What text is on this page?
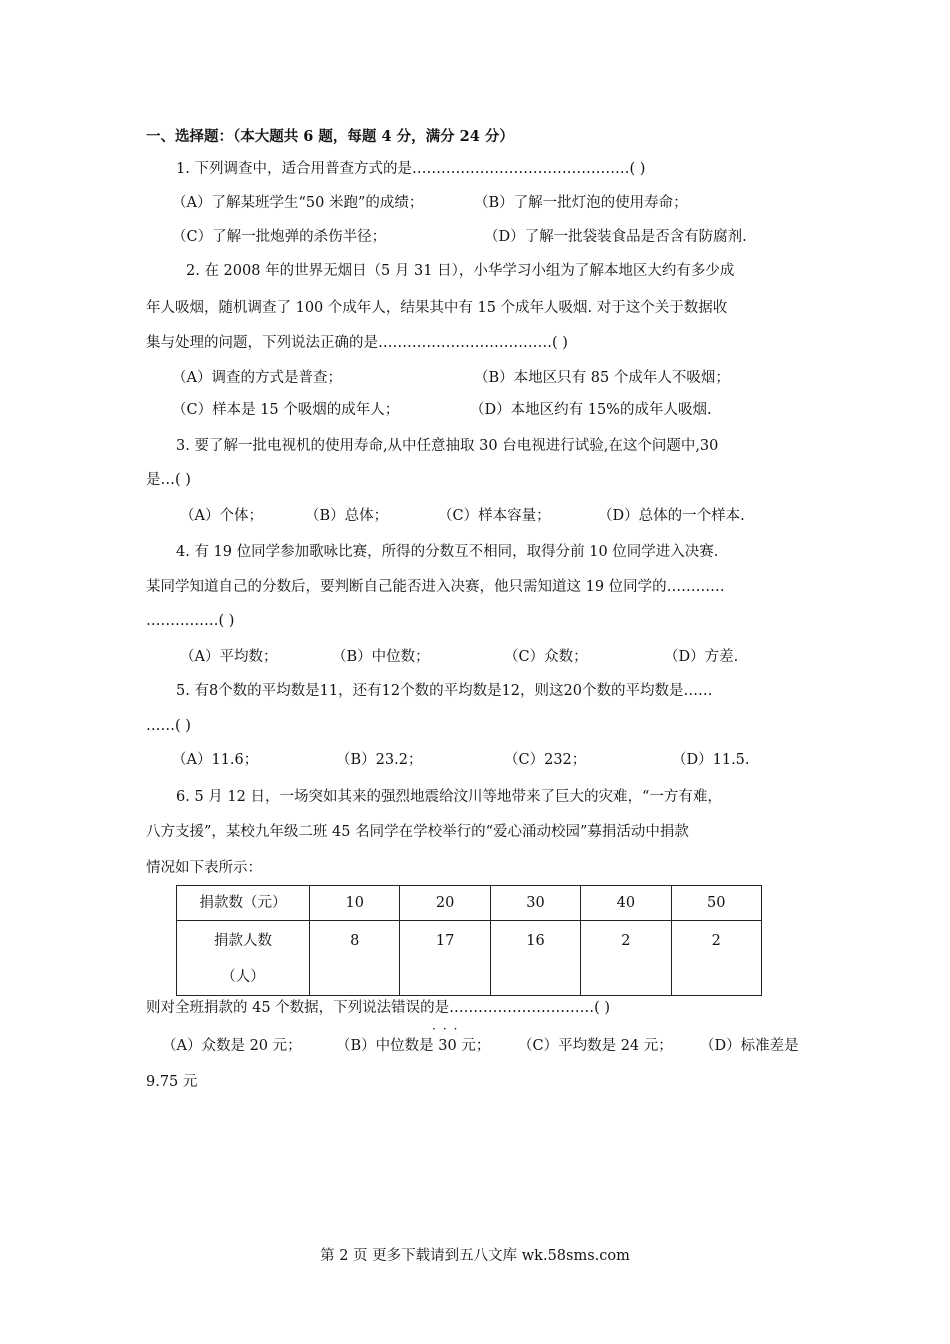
一、选择题：（本大题共 6 题，每题 4 分，满分 24 分）
1. 下列调查中，适合用普查方式的是………………………………………( )
（A）了解某班学生“50 米跑”的成绩；	（B）了解一批灯泡的使用寿命；
（C）了解一批炮弹的杀伤半径；	（D）了解一批袋装食品是否含有防腐剂.
2. 在 2008 年的世界无烟日（5 月 31 日），小华学习小组为了解本地区大约有多少成
年人吸烟，随机调查了 100 个成年人，结果其中有 15 个成年人吸烟. 对于这个关于数据收
集与处理的问题，下列说法正确的是………………………………( )
（A）调查的方式是普查；	（B）本地区只有 85 个成年人不吸烟；
（C）样本是 15 个吸烟的成年人；	（D）本地区约有 15%的成年人吸烟.
3. 要了解一批电视机的使用寿命,从中任意抽取 30 台电视进行试验,在这个问题中,30
是…( )
（A）个体；	（B）总体；	（C）样本容量；	（D）总体的一个样本.
4. 有 19 位同学参加歌咏比赛，所得的分数互不相同，取得分前 10 位同学进入决赛.
某同学知道自己的分数后，要判断自己能否进入决赛，他只需知道这 19 位同学的…………
……………( )
（A）平均数；	（B）中位数；	（C）众数；	（D）方差.
5. 有8个数的平均数是11，还有12个数的平均数是12，则这20个数的平均数是……
……( )
（A）11.6；	（B）23.2；	（C）232；	（D）11.5.
6. 5 月 12 日，一场突如其来的强烈地震给汶川等地带来了巨大的灾难，“一方有难，
八方支援”，某校九年级二班 45 名同学在学校举行的“爱心涌动校园”募捐活动中捐款
情况如下表所示：
捐款数（元）	10	20	30	40	50

捐款人数
（人）	8	17	16	2	2
则对全班捐款的 45 个数据，下列说法错误的是…………………………( )
···
（A）众数是 20 元； （B）中位数是 30 元； （C）平均数是 24 元； （D）标准差是
9.75 元
第 2 页 更多下载请到五八文库 wk.58sms.com
